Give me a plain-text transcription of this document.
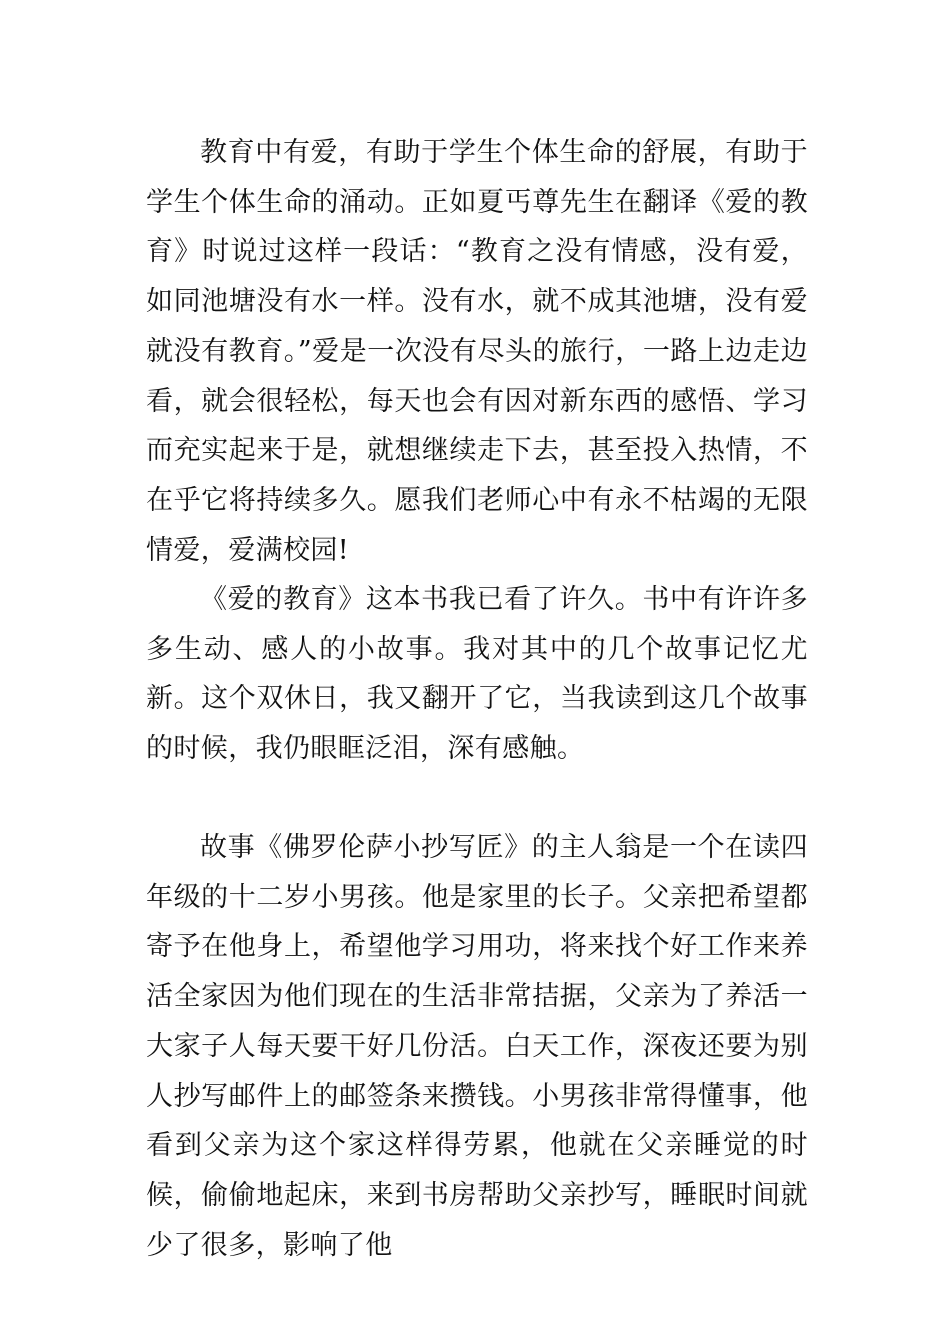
教育中有爱，有助于学生个体生命的舒展，有助于学生个体生命的涌动。正如夏丐尊先生在翻译《爱的教育》时说过这样一段话：“教育之没有情感，没有爱，如同池塘没有水一样。没有水，就不成其池塘，没有爱就没有教育。”爱是一次没有尽头的旅行，一路上边走边看，就会很轻松，每天也会有因对新东西的感悟、学习而充实起来于是，就想继续走下去，甚至投入热情，不在乎它将持续多久。愿我们老师心中有永不枯竭的无限情爱，爱满校园!

《爱的教育》这本书我已看了许久。书中有许许多多生动、感人的小故事。我对其中的几个故事记忆尤新。这个双休日，我又翻开了它，当我读到这几个故事的时候，我仍眼眶泛泪，深有感触。

故事《佛罗伦萨小抄写匠》的主人翁是一个在读四年级的十二岁小男孩。他是家里的长子。父亲把希望都寄予在他身上，希望他学习用功，将来找个好工作来养活全家因为他们现在的生活非常拮据，父亲为了养活一大家子人每天要干好几份活。白天工作，深夜还要为别人抄写邮件上的邮签条来攒钱。小男孩非常得懂事，他看到父亲为这个家这样得劳累，他就在父亲睡觉的时候，偷偷地起床，来到书房帮助父亲抄写，睡眠时间就少了很多，影响了他
